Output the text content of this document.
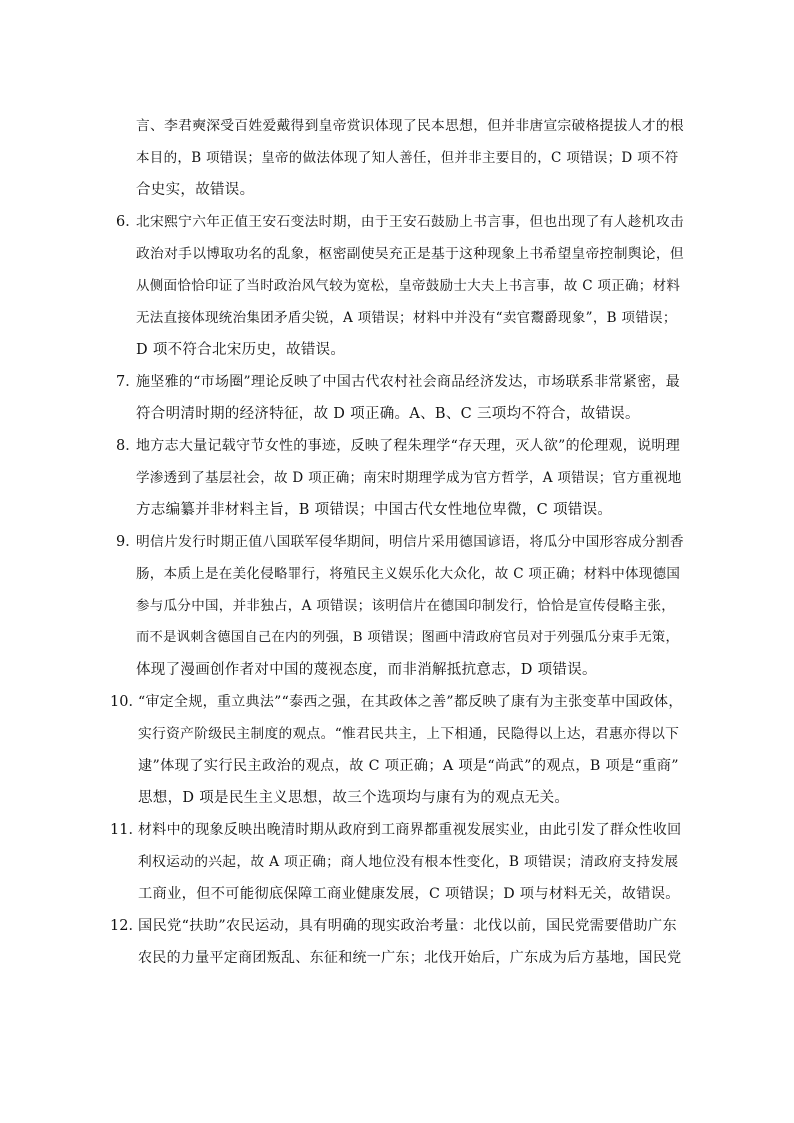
言、李君奭深受百姓爱戴得到皇帝赏识体现了民本思想，但并非唐宣宗破格提拔人才的根
本目的，B 项错误；皇帝的做法体现了知人善任，但并非主要目的，C 项错误；D 项不符
合史实，故错误。
6．
北宋熙宁六年正值王安石变法时期，由于王安石鼓励上书言事，但也出现了有人趁机攻击
政治对手以博取功名的乱象，枢密副使吴充正是基于这种现象上书希望皇帝控制舆论，但
从侧面恰恰印证了当时政治风气较为宽松，皇帝鼓励士大夫上书言事，故 C 项正确；材料
无法直接体现统治集团矛盾尖锐，A 项错误；材料中并没有“卖官鬻爵现象”，B 项错误；
D 项不符合北宋历史，故错误。
7．
施坚雅的“市场圈”理论反映了中国古代农村社会商品经济发达，市场联系非常紧密，最
符合明清时期的经济特征，故 D 项正确。A、B、C 三项均不符合，故错误。
8．
地方志大量记载守节女性的事迹，反映了程朱理学“存天理，灭人欲”的伦理观，说明理
学渗透到了基层社会，故 D 项正确；南宋时期理学成为官方哲学，A 项错误；官方重视地
方志编纂并非材料主旨，B 项错误；中国古代女性地位卑微，C 项错误。
9．
明信片发行时期正值八国联军侵华期间，明信片采用德国谚语，将瓜分中国形容成分割香
肠，本质上是在美化侵略罪行，将殖民主义娱乐化大众化，故 C 项正确；材料中体现德国
参与瓜分中国，并非独占，A 项错误；该明信片在德国印制发行，恰恰是宣传侵略主张，
而不是讽刺含德国自己在内的列强，B 项错误；图画中清政府官员对于列强瓜分束手无策，
体现了漫画创作者对中国的蔑视态度，而非消解抵抗意志，D 项错误。
10．
“审定全规，重立典法”“泰西之强，在其政体之善”都反映了康有为主张变革中国政体，
实行资产阶级民主制度的观点。“惟君民共主，上下相通，民隐得以上达，君惠亦得以下
逮”体现了实行民主政治的观点，故 C 项正确；A 项是“尚武”的观点，B 项是“重商”
思想，D 项是民生主义思想，故三个选项均与康有为的观点无关。
11．
材料中的现象反映出晚清时期从政府到工商界都重视发展实业，由此引发了群众性收回
利权运动的兴起，故 A 项正确；商人地位没有根本性变化，B 项错误；清政府支持发展
工商业，但不可能彻底保障工商业健康发展，C 项错误；D 项与材料无关，故错误。
12．
国民党“扶助”农民运动，具有明确的现实政治考量：北伐以前，国民党需要借助广东
农民的力量平定商团叛乱、东征和统一广东；北伐开始后，广东成为后方基地，国民党
